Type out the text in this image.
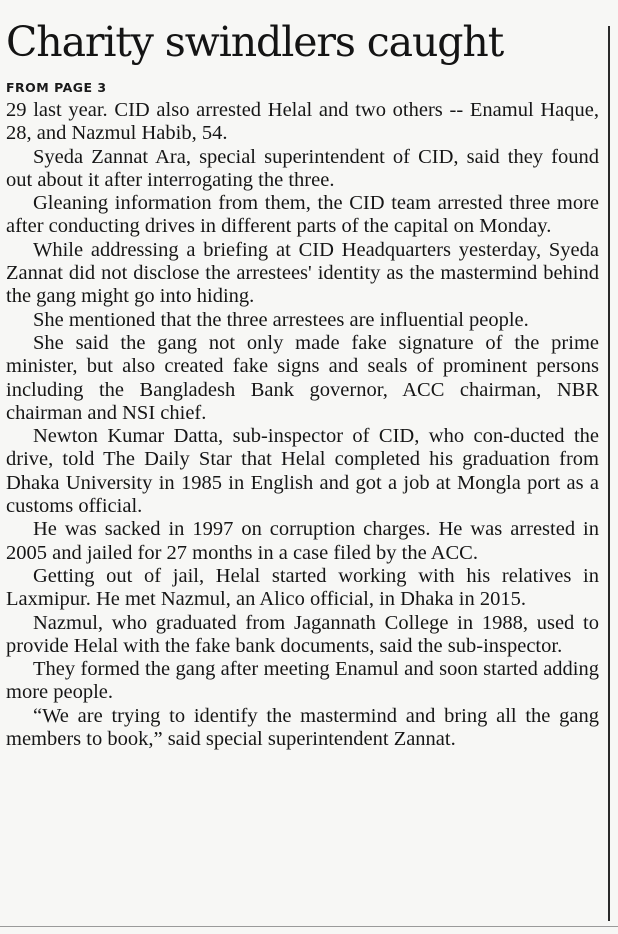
Charity swindlers caught
FROM PAGE 3

29 last year. CID also arrested Helal and two others -- Enamul Haque, 28, and Nazmul Habib, 54.

Syeda Zannat Ara, special superintendent of CID, said they found out about it after interrogating the three.

Gleaning information from them, the CID team arrested three more after conducting drives in different parts of the capital on Monday.

While addressing a briefing at CID Headquarters yesterday, Syeda Zannat did not disclose the arrestees' identity as the mastermind behind the gang might go into hiding.

She mentioned that the three arrestees are influential people.

She said the gang not only made fake signature of the prime minister, but also created fake signs and seals of prominent persons including the Bangladesh Bank governor, ACC chairman, NBR chairman and NSI chief.

Newton Kumar Datta, sub-inspector of CID, who con-ducted the drive, told The Daily Star that Helal completed his graduation from Dhaka University in 1985 in English and got a job at Mongla port as a customs official.

He was sacked in 1997 on corruption charges. He was arrested in 2005 and jailed for 27 months in a case filed by the ACC.

Getting out of jail, Helal started working with his relatives in Laxmipur. He met Nazmul, an Alico official, in Dhaka in 2015.

Nazmul, who graduated from Jagannath College in 1988, used to provide Helal with the fake bank documents, said the sub-inspector.

They formed the gang after meeting Enamul and soon started adding more people.

“We are trying to identify the mastermind and bring all the gang members to book,” said special superintendent Zannat.
